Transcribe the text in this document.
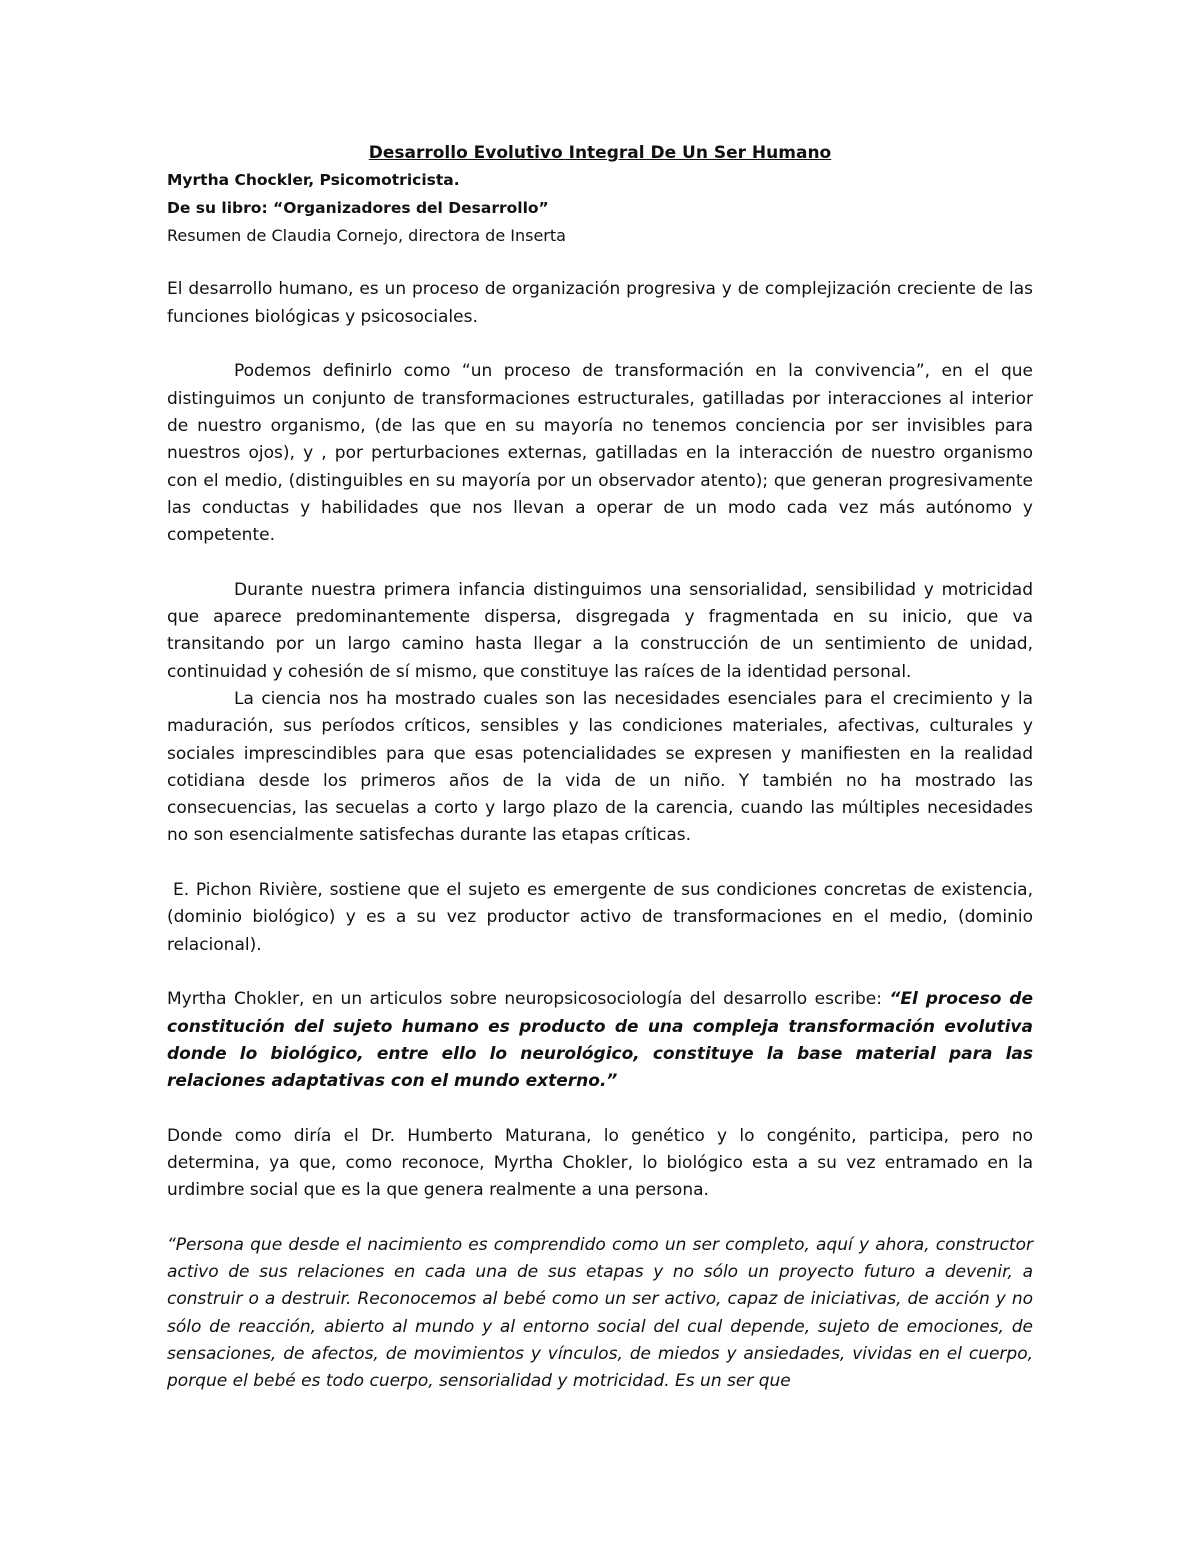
Desarrollo Evolutivo Integral De Un Ser Humano
Myrtha Chockler, Psicomotricista.
De su libro: “Organizadores del Desarrollo”
Resumen de Claudia Cornejo, directora de Inserta

El desarrollo humano, es un proceso de organización progresiva y de complejización creciente de las funciones biológicas y psicosociales.

Podemos definirlo como “un proceso de transformación en la convivencia”, en el que distinguimos un conjunto de transformaciones estructurales, gatilladas por interacciones al interior de nuestro organismo, (de las que en su mayoría no tenemos conciencia por ser invisibles para nuestros ojos), y , por perturbaciones externas, gatilladas en la interacción de nuestro organismo con el medio, (distinguibles en su mayoría por un observador atento); que generan progresivamente las conductas y habilidades que nos llevan a operar de un modo cada vez más autónomo y competente.

Durante nuestra primera infancia distinguimos una sensorialidad, sensibilidad y motricidad que aparece predominantemente dispersa, disgregada y fragmentada en su inicio, que va transitando por un largo camino hasta llegar a la construcción de un sentimiento de unidad, continuidad y cohesión de sí mismo, que constituye las raíces de la identidad personal.

La ciencia nos ha mostrado cuales son las necesidades esenciales para el crecimiento y la maduración, sus períodos críticos, sensibles y las condiciones materiales, afectivas, culturales y sociales imprescindibles para que esas potencialidades se expresen y manifiesten en la realidad cotidiana desde los primeros años de la vida de un niño. Y también no ha mostrado las consecuencias, las secuelas a corto y largo plazo de la carencia, cuando las múltiples necesidades no son esencialmente satisfechas durante las etapas críticas.

E. Pichon Rivière, sostiene que el sujeto es emergente de sus condiciones concretas de existencia, (dominio biológico) y es a su vez productor activo de transformaciones en el medio, (dominio relacional).

Myrtha Chokler, en un articulos sobre neuropsicosociología del desarrollo escribe: “El proceso de constitución del sujeto humano es producto de una compleja transformación evolutiva donde lo biológico, entre ello lo neurológico, constituye la base material para las relaciones adaptativas con el mundo externo.”

Donde como diría el Dr. Humberto Maturana, lo genético y lo congénito, participa, pero no determina, ya que, como reconoce, Myrtha Chokler, lo biológico esta a su vez entramado en la urdimbre social que es la que genera realmente a una persona.

“Persona que desde el nacimiento es comprendido como un ser completo, aquí y ahora, constructor activo de sus relaciones en cada una de sus etapas y no sólo un proyecto futuro a devenir, a construir o a destruir. Reconocemos al bebé como un ser activo, capaz de iniciativas, de acción y no sólo de reacción, abierto al mundo y al entorno social del cual depende, sujeto de emociones, de sensaciones, de afectos, de movimientos y vínculos, de miedos y ansiedades, vividas en el cuerpo, porque el bebé es todo cuerpo, sensorialidad y motricidad. Es un ser que
